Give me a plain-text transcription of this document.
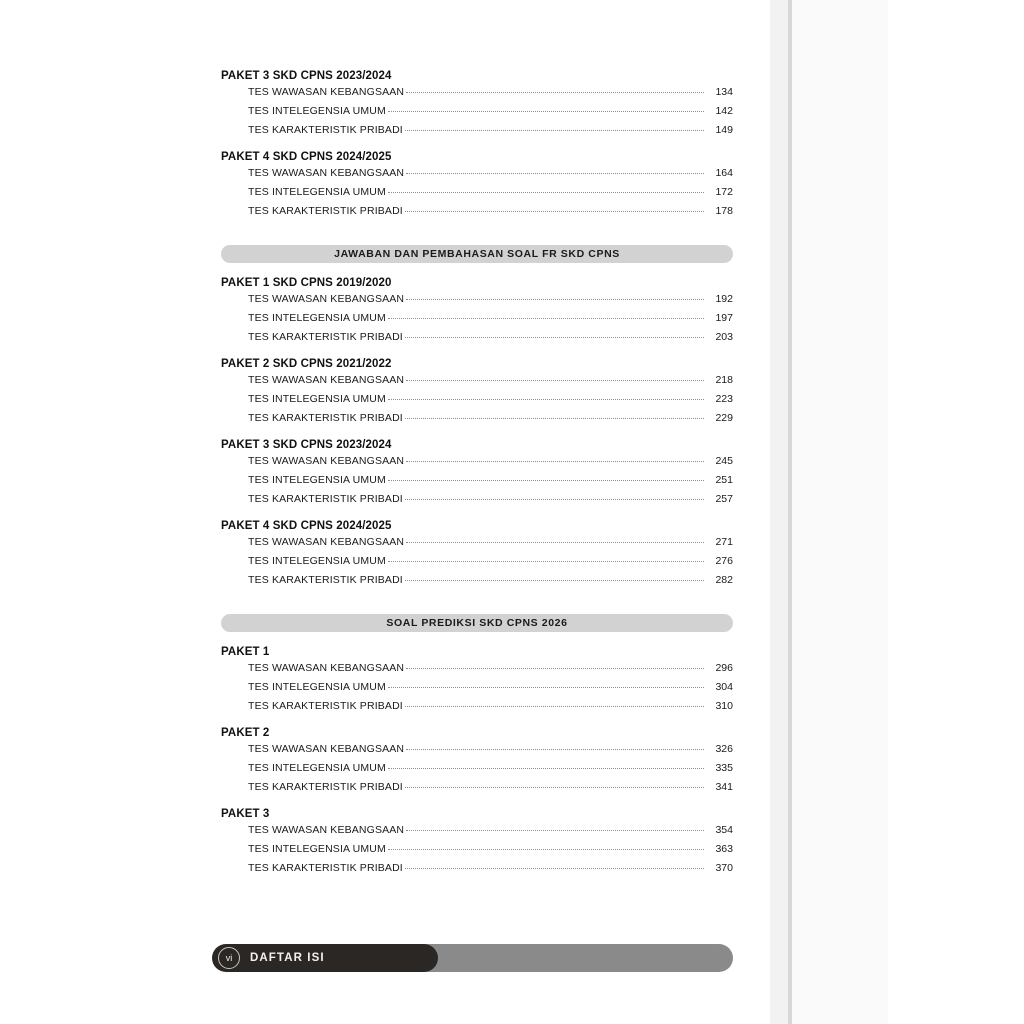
PAKET 3 SKD CPNS 2023/2024
TES WAWASAN KEBANGSAAN	134
TES INTELEGENSIA UMUM	142
TES KARAKTERISTIK PRIBADI	149
PAKET 4 SKD CPNS 2024/2025
TES WAWASAN KEBANGSAAN	164
TES INTELEGENSIA UMUM	172
TES KARAKTERISTIK PRIBADI	178
JAWABAN DAN PEMBAHASAN SOAL FR SKD CPNS
PAKET 1 SKD CPNS 2019/2020
TES WAWASAN KEBANGSAAN	192
TES INTELEGENSIA UMUM	197
TES KARAKTERISTIK PRIBADI	203
PAKET 2 SKD CPNS 2021/2022
TES WAWASAN KEBANGSAAN	218
TES INTELEGENSIA UMUM	223
TES KARAKTERISTIK PRIBADI	229
PAKET 3 SKD CPNS 2023/2024
TES WAWASAN KEBANGSAAN	245
TES INTELEGENSIA UMUM	251
TES KARAKTERISTIK PRIBADI	257
PAKET 4 SKD CPNS 2024/2025
TES WAWASAN KEBANGSAAN	271
TES INTELEGENSIA UMUM	276
TES KARAKTERISTIK PRIBADI	282
SOAL PREDIKSI SKD CPNS 2026
PAKET 1
TES WAWASAN KEBANGSAAN	296
TES INTELEGENSIA UMUM	304
TES KARAKTERISTIK PRIBADI	310
PAKET 2
TES WAWASAN KEBANGSAAN	326
TES INTELEGENSIA UMUM	335
TES KARAKTERISTIK PRIBADI	341
PAKET 3
TES WAWASAN KEBANGSAAN	354
TES INTELEGENSIA UMUM	363
TES KARAKTERISTIK PRIBADI	370
vi	DAFTAR ISI
